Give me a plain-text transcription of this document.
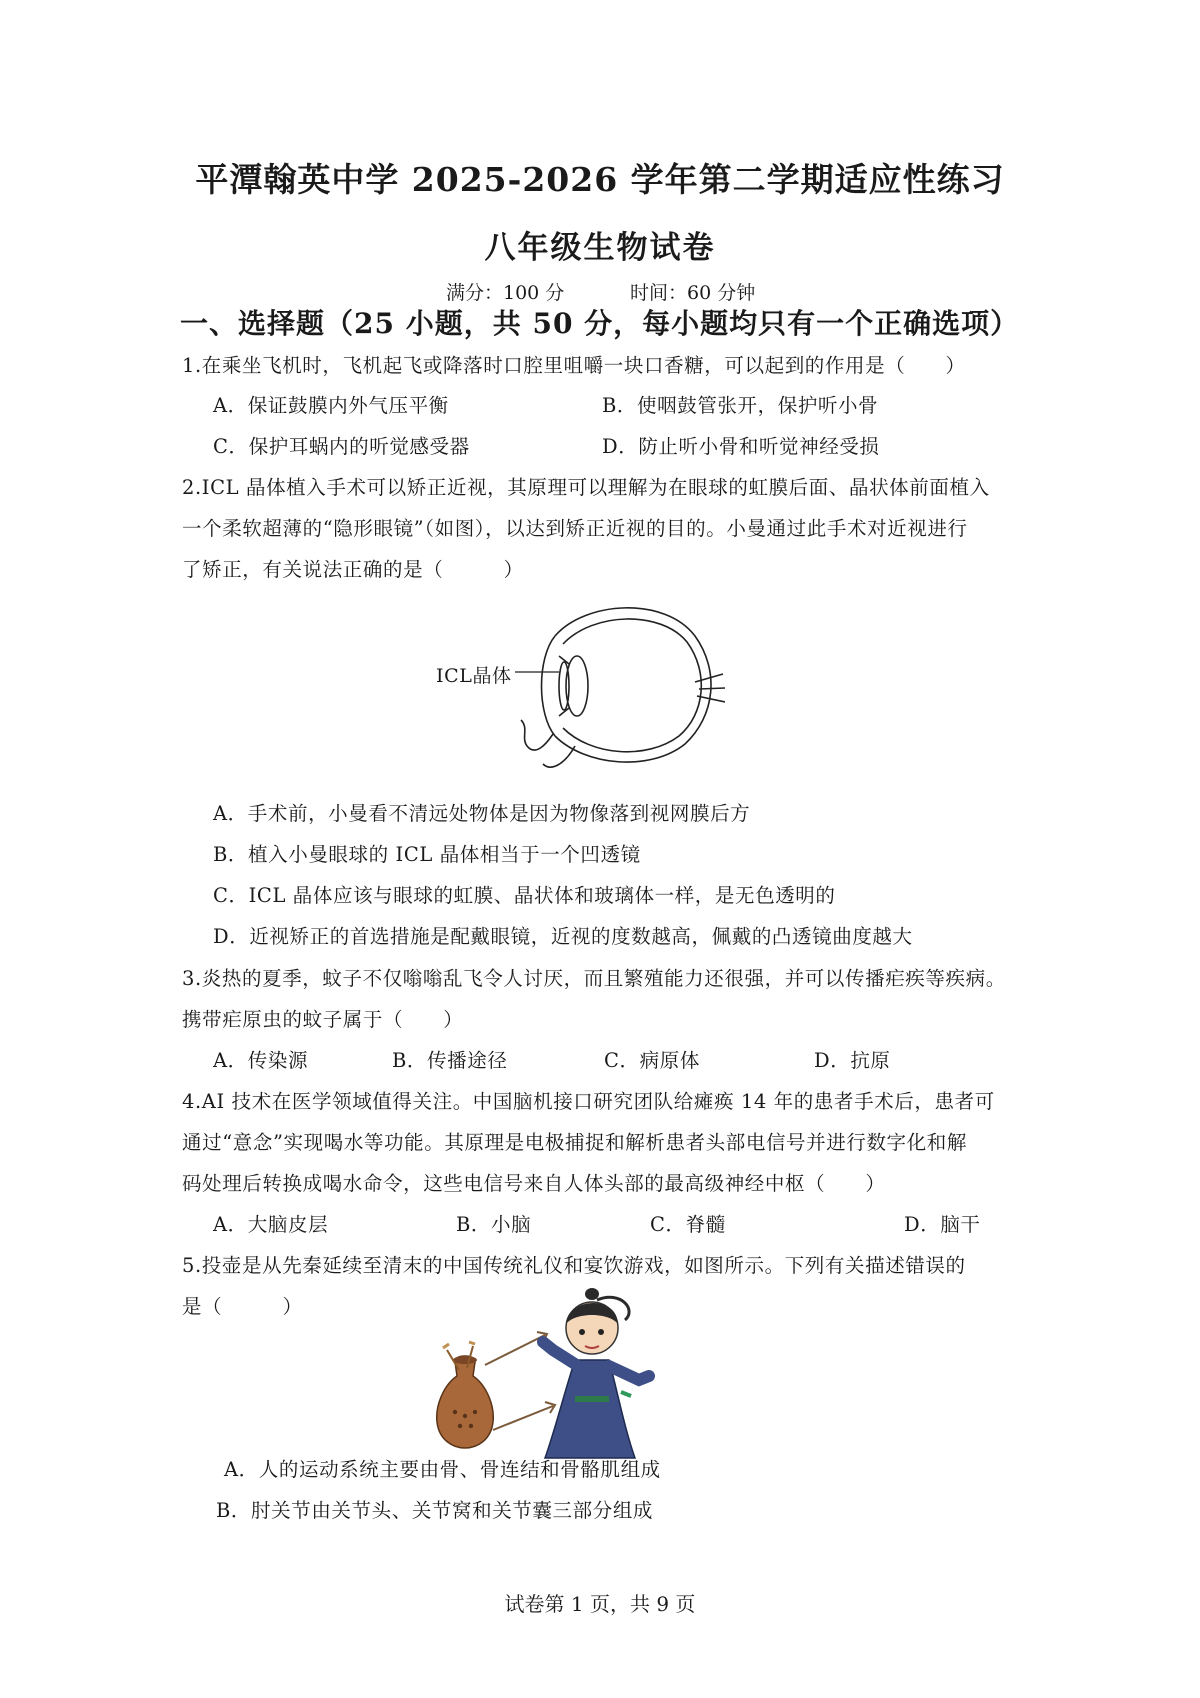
平潭翰英中学 2025-2026 学年第二学期适应性练习
八年级生物试卷
满分：100 分	时间：60 分钟
一、选择题（25 小题，共 50 分，每小题均只有一个正确选项）
1.在乘坐飞机时，飞机起飞或降落时口腔里咀嚼一块口香糖，可以起到的作用是（　　）
A．保证鼓膜内外气压平衡	B．使咽鼓管张开，保护听小骨
C．保护耳蜗内的听觉感受器	D．防止听小骨和听觉神经受损
2.ICL 晶体植入手术可以矫正近视，其原理可以理解为在眼球的虹膜后面、晶状体前面植入
一个柔软超薄的“隐形眼镜”（如图），以达到矫正近视的目的。小曼通过此手术对近视进行
了矫正，有关说法正确的是（　　　）
ICL晶体
A．手术前，小曼看不清远处物体是因为物像落到视网膜后方
B．植入小曼眼球的 ICL 晶体相当于一个凹透镜
C．ICL 晶体应该与眼球的虹膜、晶状体和玻璃体一样，是无色透明的
D．近视矫正的首选措施是配戴眼镜，近视的度数越高，佩戴的凸透镜曲度越大
3.炎热的夏季，蚊子不仅嗡嗡乱飞令人讨厌，而且繁殖能力还很强，并可以传播疟疾等疾病。
携带疟原虫的蚊子属于（　　）
A．传染源	B．传播途径	C．病原体	D．抗原
4.AI 技术在医学领域值得关注。中国脑机接口研究团队给瘫痪 14 年的患者手术后，患者可
通过“意念”实现喝水等功能。其原理是电极捕捉和解析患者头部电信号并进行数字化和解
码处理后转换成喝水命令，这些电信号来自人体头部的最高级神经中枢（　　）
A．大脑皮层	B．小脑	C．脊髓	D．脑干
5.投壶是从先秦延续至清末的中国传统礼仪和宴饮游戏，如图所示。下列有关描述错误的
是（　　　）
A．人的运动系统主要由骨、骨连结和骨骼肌组成
B．肘关节由关节头、关节窝和关节囊三部分组成
试卷第 1 页，共 9 页
